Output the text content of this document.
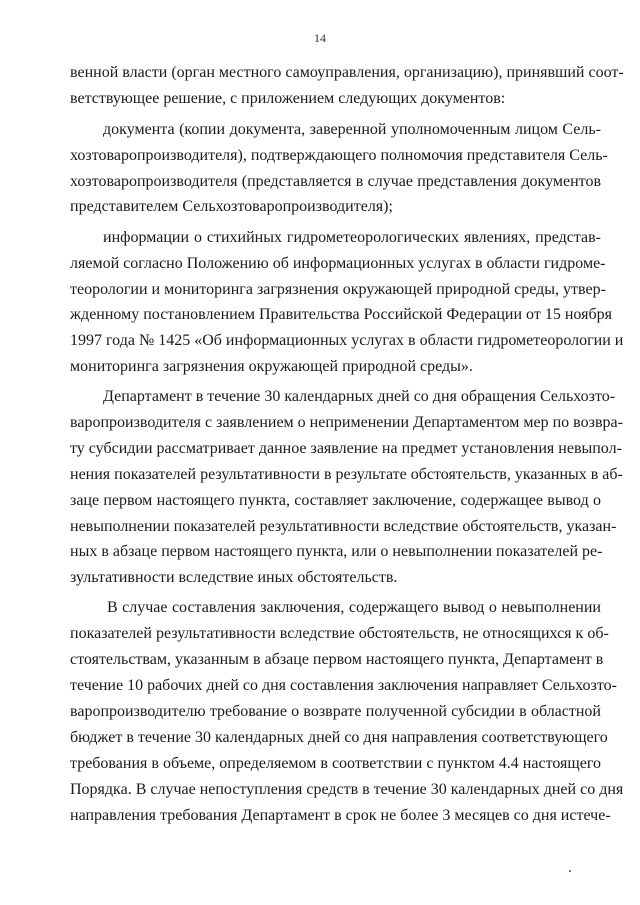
14
венной власти (орган местного самоуправления, организацию), принявший соот-
ветствующее решение, с приложением следующих документов:
документа (копии документа, заверенной уполномоченным лицом Сель-
хозтоваропроизводителя), подтверждающего полномочия представителя Сель-
хозтоваропроизводителя (представляется в случае представления документов
представителем Сельхозтоваропроизводителя);
информации о стихийных гидрометеорологических явлениях, представ-
ляемой согласно Положению об информационных услугах в области гидроме-
теорологии и мониторинга загрязнения окружающей природной среды, утвер-
жденному постановлением Правительства Российской Федерации от 15 ноября
1997 года № 1425 «Об информационных услугах в области гидрометеорологии и
мониторинга загрязнения окружающей природной среды».
Департамент в течение 30 календарных дней со дня обращения Сельхозто-
варопроизводителя с заявлением о неприменении Департаментом мер по возвра-
ту субсидии рассматривает данное заявление на предмет установления невыпол-
нения показателей результативности в результате обстоятельств, указанных в аб-
заце первом настоящего пункта, составляет заключение, содержащее вывод о
невыполнении показателей результативности вследствие обстоятельств, указан-
ных в абзаце первом настоящего пункта, или о невыполнении показателей ре-
зультативности вследствие иных обстоятельств.
В случае составления заключения, содержащего вывод о невыполнении
показателей результативности вследствие обстоятельств, не относящихся к об-
стоятельствам, указанным в абзаце первом настоящего пункта, Департамент в
течение 10 рабочих дней со дня составления заключения направляет Сельхозто-
варопроизводителю требование о возврате полученной субсидии в областной
бюджет в течение 30 календарных дней со дня направления соответствующего
требования в объеме, определяемом в соответствии с пунктом 4.4 настоящего
Порядка. В случае непоступления средств в течение 30 календарных дней со дня
направления требования Департамент в срок не более 3 месяцев со дня истече-
